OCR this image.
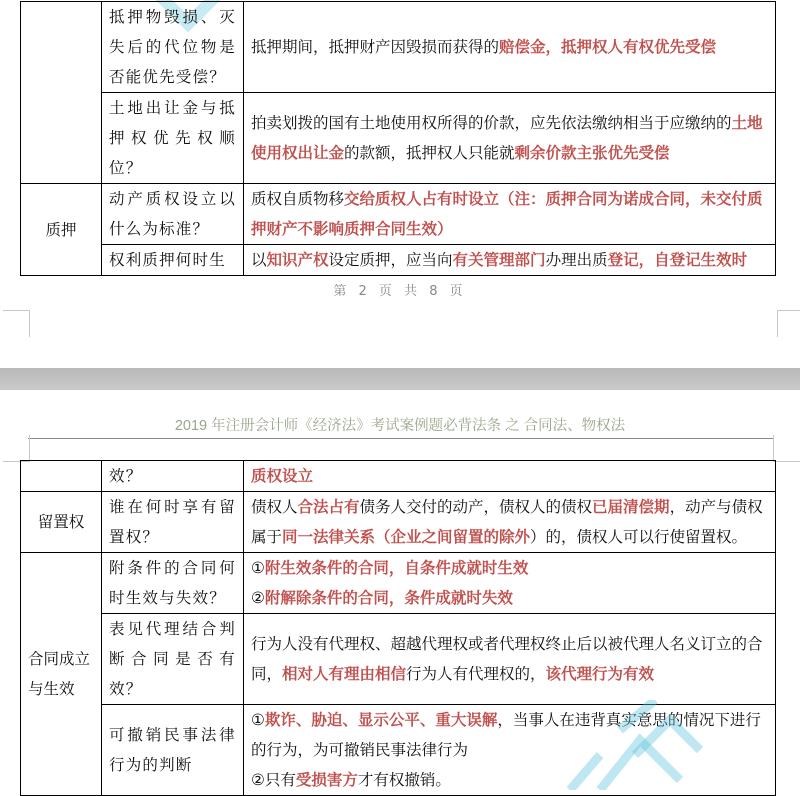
	抵押物毁损、灭失后的代位物是否能优先受偿？	抵押期间，抵押财产因毁损而获得的赔偿金，抵押权人有权优先受偿
	土地出让金与抵押权优先权顺位？	拍卖划拨的国有土地使用权所得的价款，应先依法缴纳相当于应缴纳的土地使用权出让金的款额，抵押权人只能就剩余价款主张优先受偿
质押	动产质权设立以什么为标准？	质权自质物移交给质权人占有时设立（注：质押合同为诺成合同，未交付质押财产不影响质押合同生效）
	权利质押何时生	以知识产权设定质押，应当向有关管理部门办理出质登记，自登记生效时
第 2 页 共 8 页
2019 年注册会计师《经济法》考试案例题必背法条 之 合同法、物权法
	效？	质权设立
留置权	谁在何时享有留置权？	债权人合法占有债务人交付的动产，债权人的债权已届清偿期，动产与债权属于同一法律关系（企业之间留置的除外）的，债权人可以行使留置权。
合同成立与生效	附条件的合同何时生效与失效？	①附生效条件的合同，自条件成就时生效
②附解除条件的合同，条件成就时失效

	表见代理结合判断合同是否有效？	行为人没有代理权、超越代理权或者代理权终止后以被代理人名义订立的合同，相对人有理由相信行为人有代理权的，该代理行为有效
	可撤销民事法律行为的判断	①欺诈、胁迫、显示公平、重大误解，当事人在违背真实意思的情况下进行的行为，为可撤销民事法律行为
②只有受损害方才有权撤销。
